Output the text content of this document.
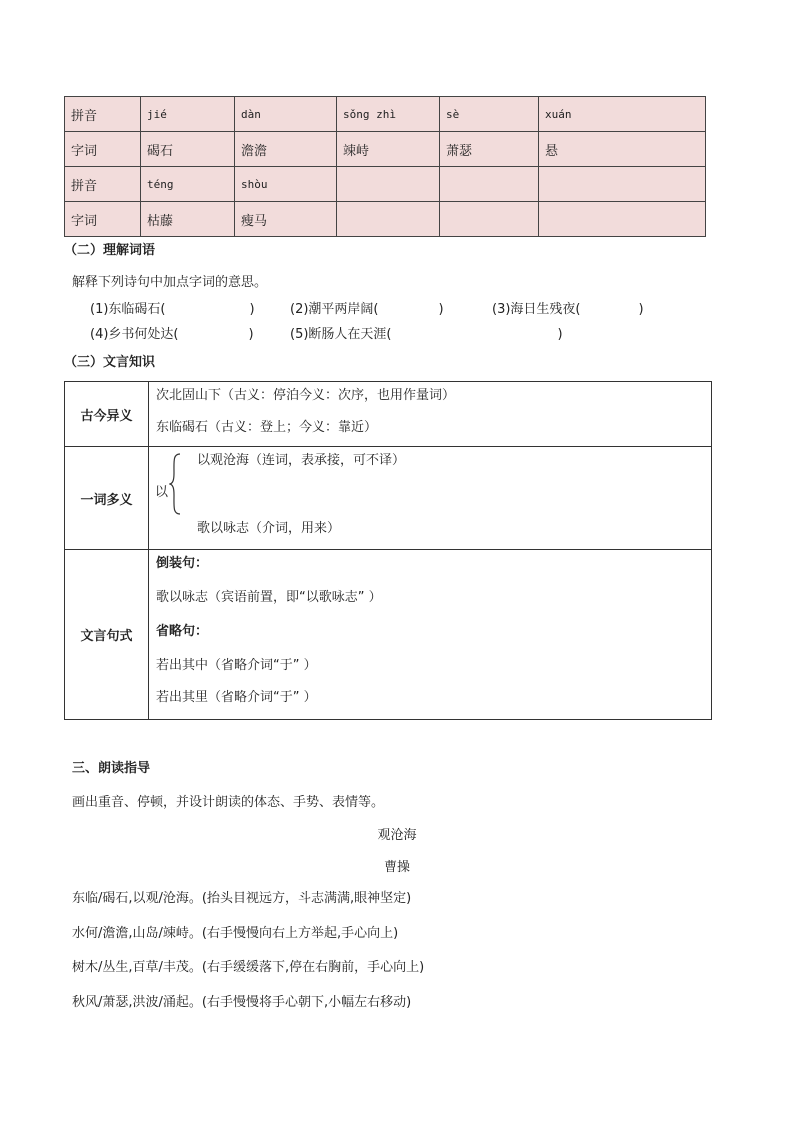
拼音	jié	dàn	sǒng zhì	sè	xuán
字词	碣石	澹澹	竦峙	萧瑟	悬
拼音	téng	shòu			
字词	枯藤	瘦马			
（二）理解词语
解释下列诗句中加点字词的意思。
(1)东临碣石(	)	(2)潮平两岸阔(	)	(3)海日生残夜(	)
(4)乡书何处达(	)	(5)断肠人在天涯(	)
（三）文言知识
古今异义	次北固山下（古义：停泊今义：次序，也用作量词）
东临碣石（古义：登上；今义：靠近）

一词多义	以
以观沧海（连词，表承接，可不译）
歌以咏志（介词，用来）

文言句式	倒装句：
歌以咏志（宾语前置，即“以歌咏志” ）
省略句：
若出其中（省略介词“于” ）
若出其里（省略介词“于” ）
三、朗读指导
画出重音、停顿，并设计朗读的体态、手势、表情等。
观沧海
曹操
东临/碣石,以观/沧海。(抬头目视远方，斗志满满,眼神坚定)
水何/澹澹,山岛/竦峙。(右手慢慢向右上方举起,手心向上)
树木/丛生,百草/丰茂。(右手缓缓落下,停在右胸前，手心向上)
秋风/萧瑟,洪波/涌起。(右手慢慢将手心朝下,小幅左右移动)
